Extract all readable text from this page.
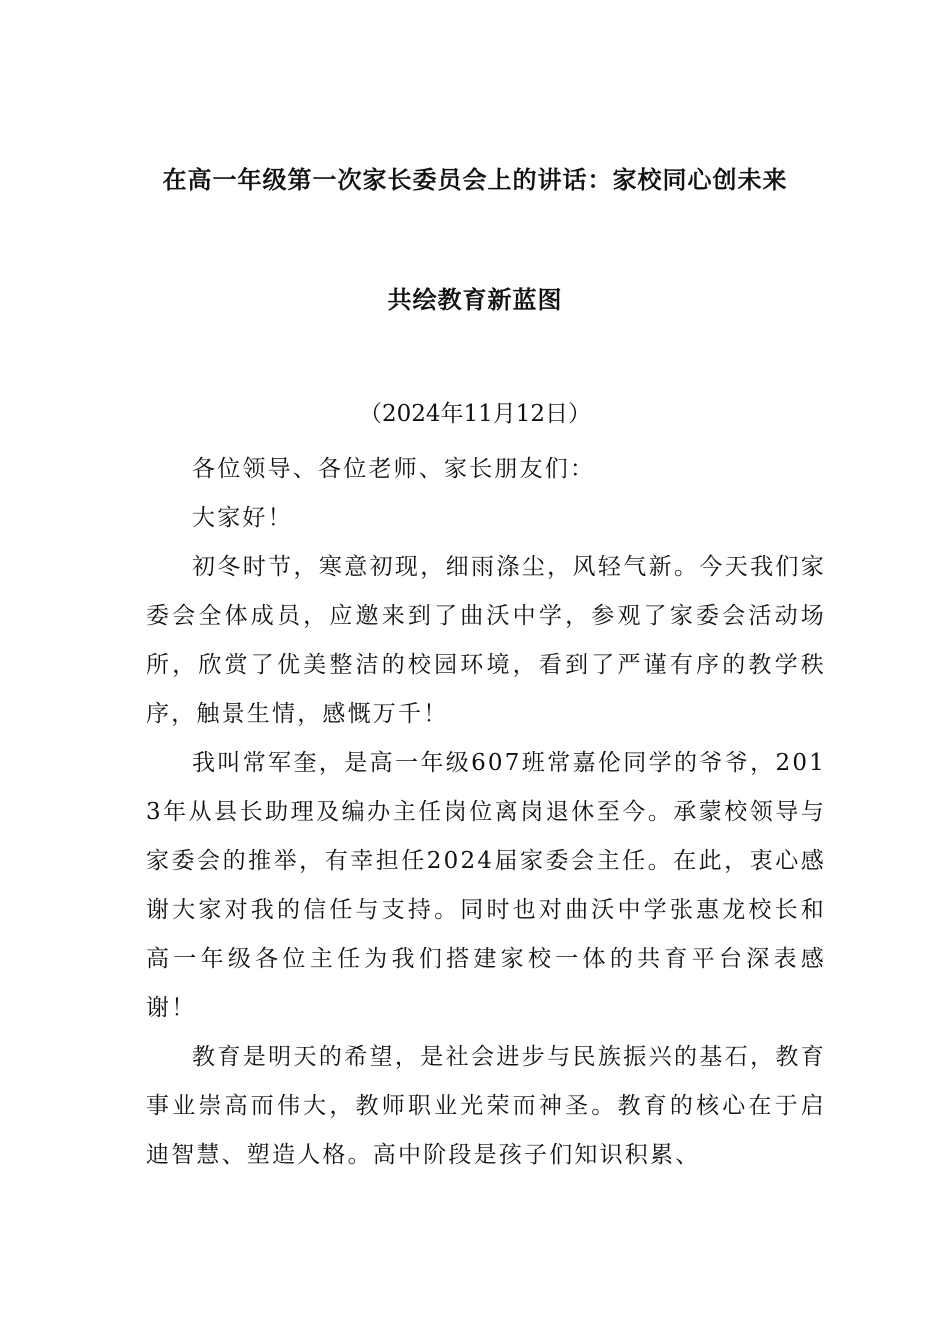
在高一年级第一次家长委员会上的讲话：家校同心创未来
共绘教育新蓝图
（2024年11月12日）

各位领导、各位老师、家长朋友们：

大家好！

初冬时节，寒意初现，细雨涤尘，风轻气新。今天我们家委会全体成员，应邀来到了曲沃中学，参观了家委会活动场所，欣赏了优美整洁的校园环境，看到了严谨有序的教学秩序，触景生情，感慨万千！

我叫常军奎，是高一年级607班常嘉伦同学的爷爷，2013年从县长助理及编办主任岗位离岗退休至今。承蒙校领导与家委会的推举，有幸担任2024届家委会主任。在此，衷心感谢大家对我的信任与支持。同时也对曲沃中学张惠龙校长和高一年级各位主任为我们搭建家校一体的共育平台深表感谢！

教育是明天的希望，是社会进步与民族振兴的基石，教育事业崇高而伟大，教师职业光荣而神圣。教育的核心在于启迪智慧、塑造人格。高中阶段是孩子们知识积累、
